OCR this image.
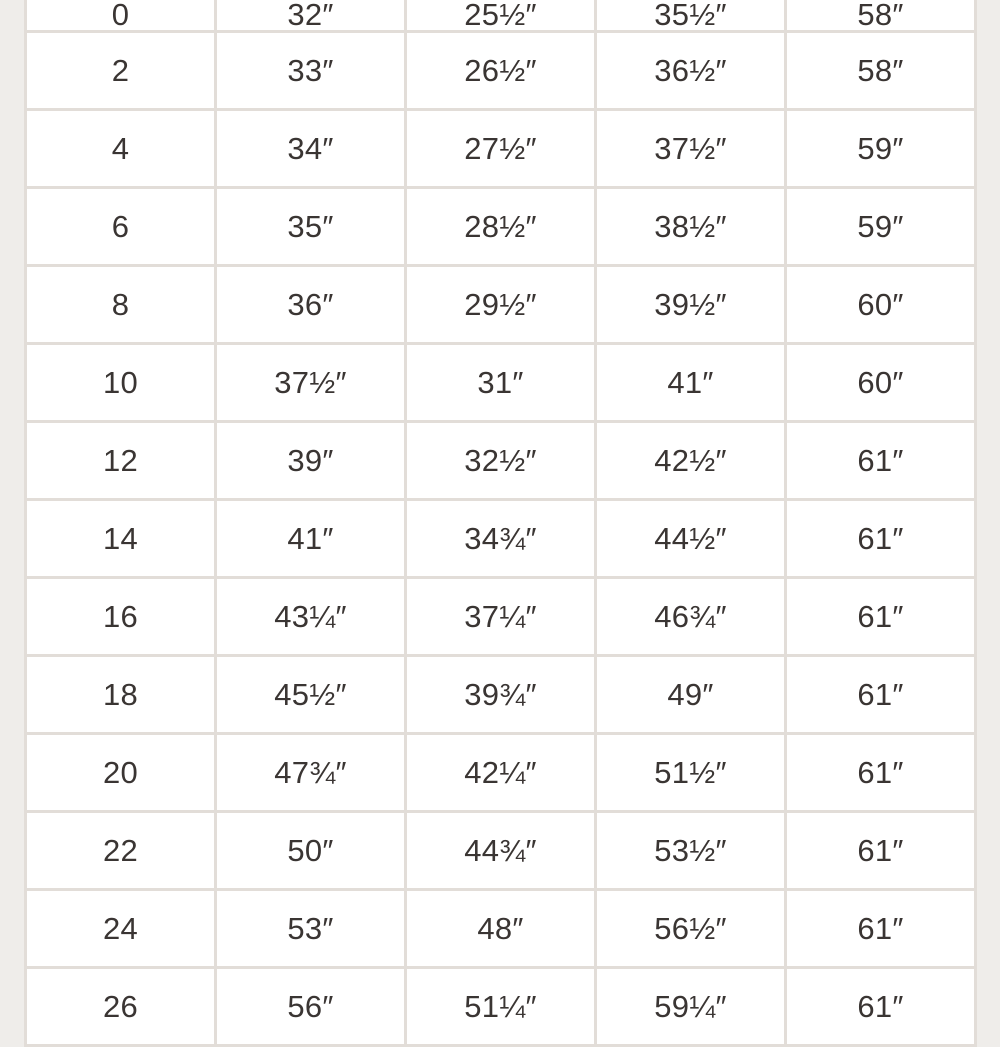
0	32″	25½″	35½″	58″
2	33″	26½″	36½″	58″
4	34″	27½″	37½″	59″
6	35″	28½″	38½″	59″
8	36″	29½″	39½″	60″
10	37½″	31″	41″	60″
12	39″	32½″	42½″	61″
14	41″	34¾″	44½″	61″
16	43¼″	37¼″	46¾″	61″
18	45½″	39¾″	49″	61″
20	47¾″	42¼″	51½″	61″
22	50″	44¾″	53½″	61″
24	53″	48″	56½″	61″
26	56″	51¼″	59¼″	61″
